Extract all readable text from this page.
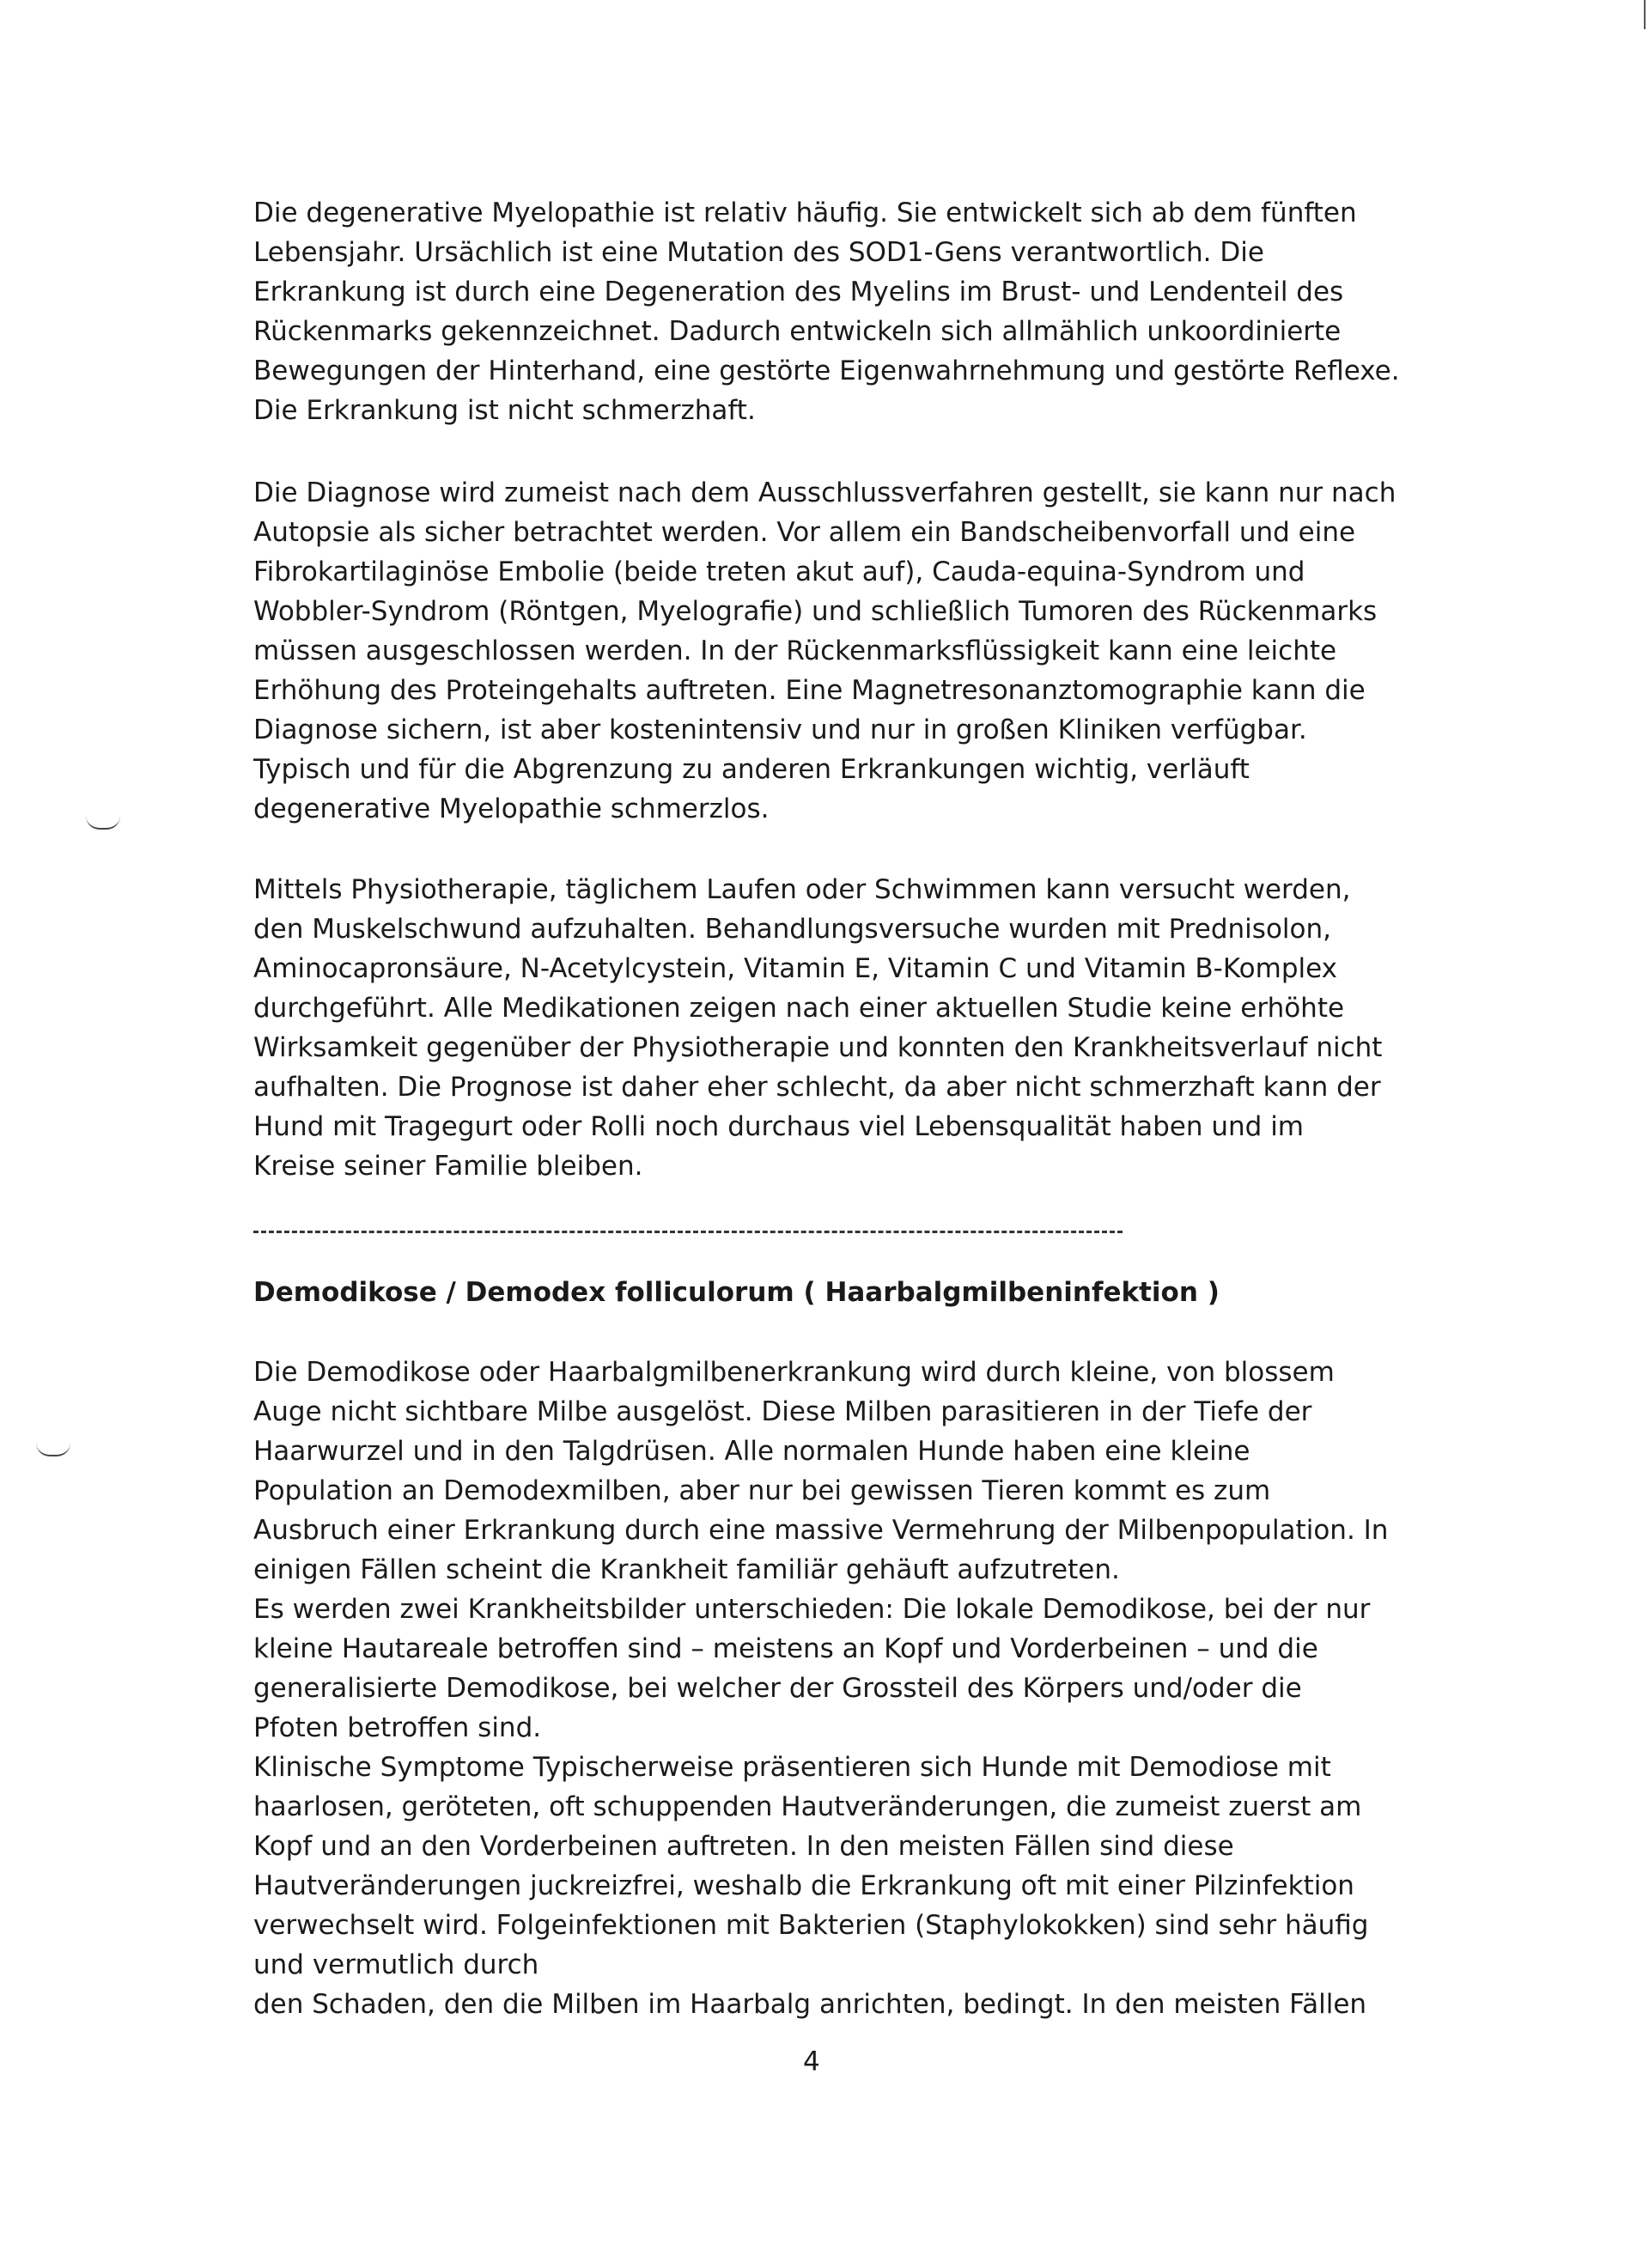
Die degenerative Myelopathie ist relativ häufig. Sie entwickelt sich ab dem fünften
Lebensjahr. Ursächlich ist eine Mutation des SOD1-Gens verantwortlich. Die
Erkrankung ist durch eine Degeneration des Myelins im Brust- und Lendenteil des
Rückenmarks gekennzeichnet. Dadurch entwickeln sich allmählich unkoordinierte
Bewegungen der Hinterhand, eine gestörte Eigenwahrnehmung und gestörte Reflexe.
Die Erkrankung ist nicht schmerzhaft.
Die Diagnose wird zumeist nach dem Ausschlussverfahren gestellt, sie kann nur nach
Autopsie als sicher betrachtet werden. Vor allem ein Bandscheibenvorfall und eine
Fibrokartilaginöse Embolie (beide treten akut auf), Cauda-equina-Syndrom und
Wobbler-Syndrom (Röntgen, Myelografie) und schließlich Tumoren des Rückenmarks
müssen ausgeschlossen werden. In der Rückenmarksflüssigkeit kann eine leichte
Erhöhung des Proteingehalts auftreten. Eine Magnetresonanztomographie kann die
Diagnose sichern, ist aber kostenintensiv und nur in großen Kliniken verfügbar.
Typisch und für die Abgrenzung zu anderen Erkrankungen wichtig, verläuft
degenerative Myelopathie schmerzlos.
Mittels Physiotherapie, täglichem Laufen oder Schwimmen kann versucht werden,
den Muskelschwund aufzuhalten. Behandlungsversuche wurden mit Prednisolon,
Aminocapronsäure, N-Acetylcystein, Vitamin E, Vitamin C und Vitamin B-Komplex
durchgeführt. Alle Medikationen zeigen nach einer aktuellen Studie keine erhöhte
Wirksamkeit gegenüber der Physiotherapie und konnten den Krankheitsverlauf nicht
aufhalten. Die Prognose ist daher eher schlecht, da aber nicht schmerzhaft kann der
Hund mit Tragegurt oder Rolli noch durchaus viel Lebensqualität haben und im
Kreise seiner Familie bleiben.
Demodikose / Demodex folliculorum ( Haarbalgmilbeninfektion )
Die Demodikose oder Haarbalgmilbenerkrankung wird durch kleine, von blossem
Auge nicht sichtbare Milbe ausgelöst. Diese Milben parasitieren in der Tiefe der
Haarwurzel und in den Talgdrüsen. Alle normalen Hunde haben eine kleine
Population an Demodexmilben, aber nur bei gewissen Tieren kommt es zum
Ausbruch einer Erkrankung durch eine massive Vermehrung der Milbenpopulation. In
einigen Fällen scheint die Krankheit familiär gehäuft aufzutreten.
Es werden zwei Krankheitsbilder unterschieden: Die lokale Demodikose, bei der nur
kleine Hautareale betroffen sind – meistens an Kopf und Vorderbeinen – und die
generalisierte Demodikose, bei welcher der Grossteil des Körpers und/oder die
Pfoten betroffen sind.
Klinische Symptome Typischerweise präsentieren sich Hunde mit Demodiose mit
haarlosen, geröteten, oft schuppenden Hautveränderungen, die zumeist zuerst am
Kopf und an den Vorderbeinen auftreten. In den meisten Fällen sind diese
Hautveränderungen juckreizfrei, weshalb die Erkrankung oft mit einer Pilzinfektion
verwechselt wird. Folgeinfektionen mit Bakterien (Staphylokokken) sind sehr häufig
und vermutlich durch
den Schaden, den die Milben im Haarbalg anrichten, bedingt. In den meisten Fällen
4
